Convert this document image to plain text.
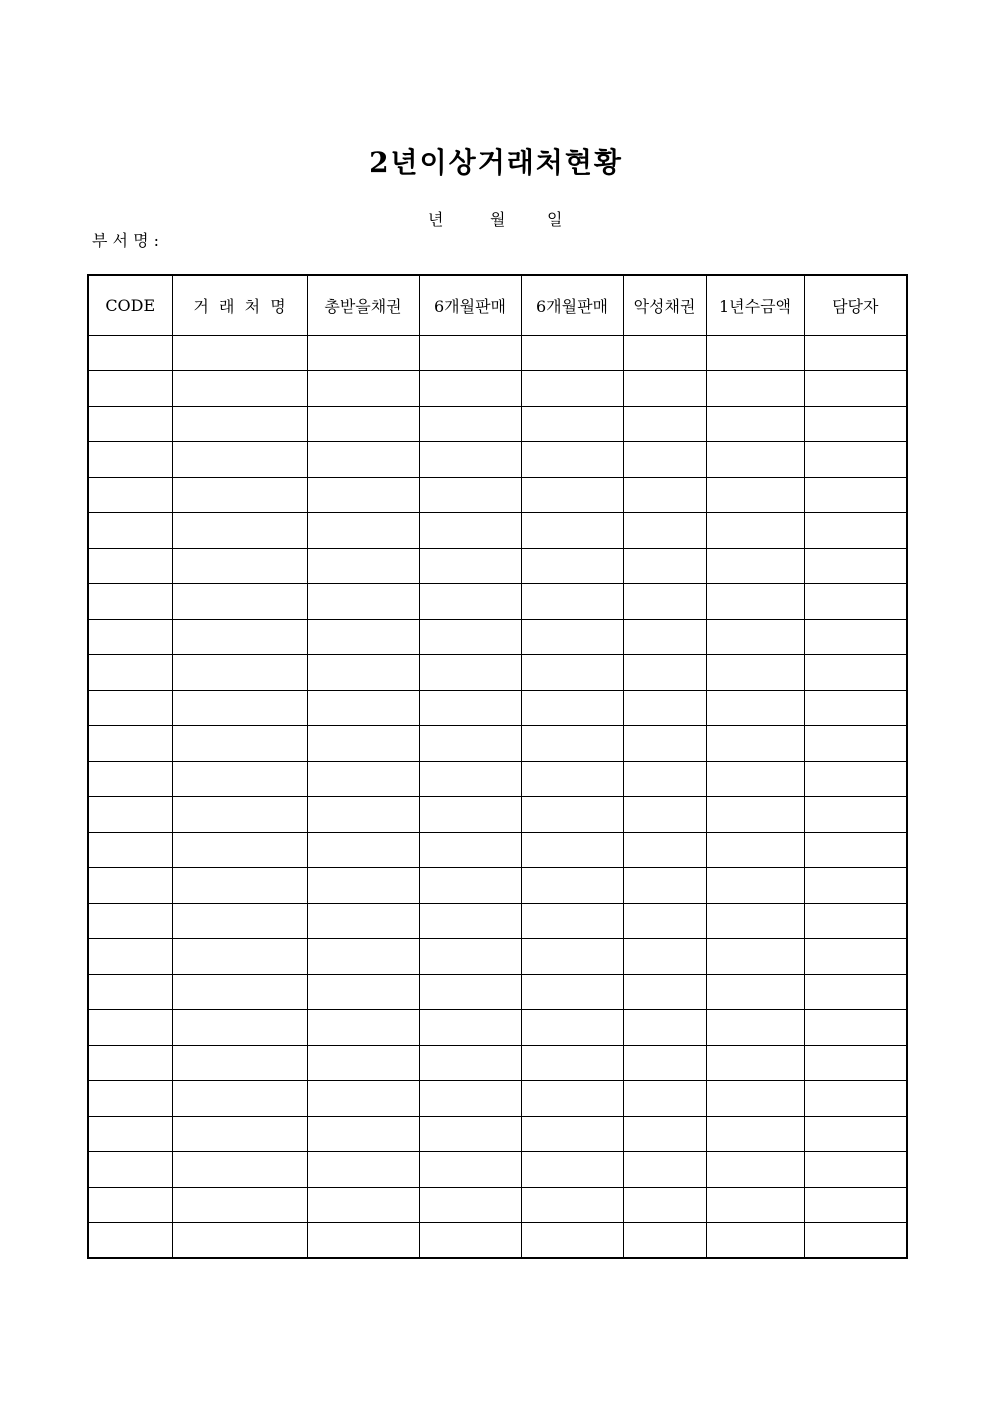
2년이상거래처현황
년	월	일
부 서 명 :
CODE	거  래  처  명	총받을채권	6개월판매	6개월판매	악성채권	1년수금액	담당자
